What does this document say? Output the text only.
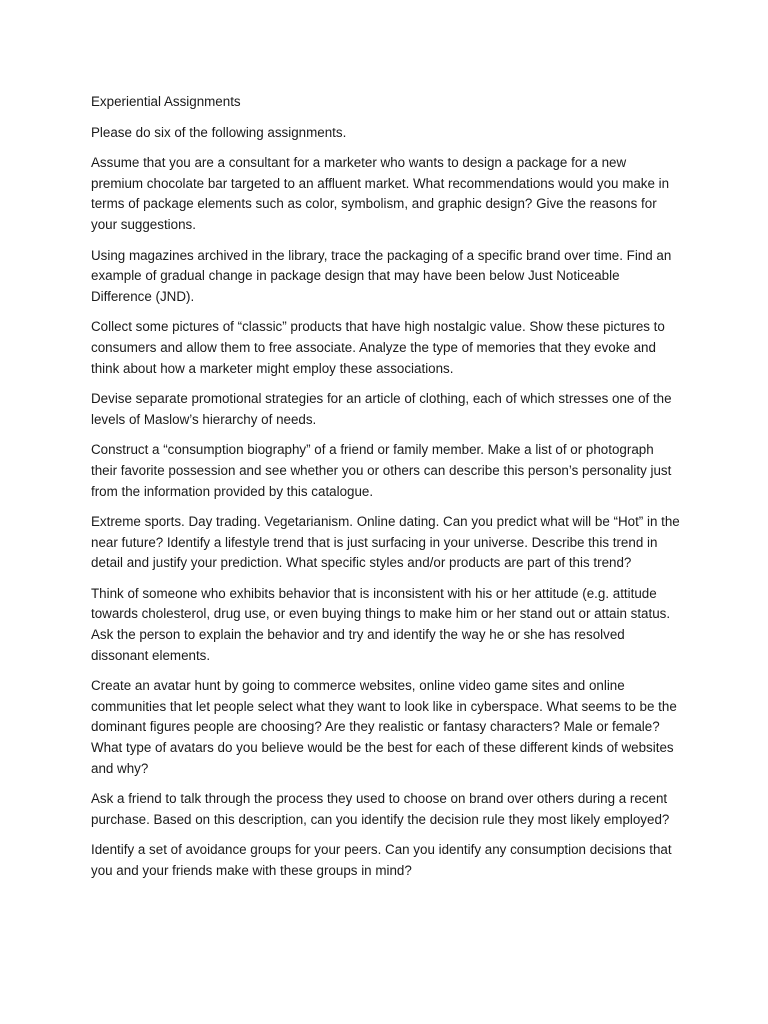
Experiential Assignments
Please do six of the following assignments.
Assume that you are a consultant for a marketer who wants to design a package for a new premium chocolate bar targeted to an affluent market. What recommendations would you make in terms of package elements such as color, symbolism, and graphic design? Give the reasons for your suggestions.
Using magazines archived in the library, trace the packaging of a specific brand over time. Find an example of gradual change in package design that may have been below Just Noticeable Difference (JND).
Collect some pictures of “classic” products that have high nostalgic value. Show these pictures to consumers and allow them to free associate. Analyze the type of memories that they evoke and think about how a marketer might employ these associations.
Devise separate promotional strategies for an article of clothing, each of which stresses one of the levels of Maslow’s hierarchy of needs.
Construct a “consumption biography” of a friend or family member. Make a list of or photograph their favorite possession and see whether you or others can describe this person’s personality just from the information provided by this catalogue.
Extreme sports. Day trading. Vegetarianism. Online dating. Can you predict what will be “Hot” in the near future? Identify a lifestyle trend that is just surfacing in your universe. Describe this trend in detail and justify your prediction. What specific styles and/or products are part of this trend?
Think of someone who exhibits behavior that is inconsistent with his or her attitude (e.g. attitude towards cholesterol, drug use, or even buying things to make him or her stand out or attain status. Ask the person to explain the behavior and try and identify the way he or she has resolved dissonant elements.
Create an avatar hunt by going to commerce websites, online video game sites and online communities that let people select what they want to look like in cyberspace. What seems to be the dominant figures people are choosing? Are they realistic or fantasy characters? Male or female? What type of avatars do you believe would be the best for each of these different kinds of websites and why?
Ask a friend to talk through the process they used to choose on brand over others during a recent purchase. Based on this description, can you identify the decision rule they most likely employed?
Identify a set of avoidance groups for your peers. Can you identify any consumption decisions that you and your friends make with these groups in mind?
